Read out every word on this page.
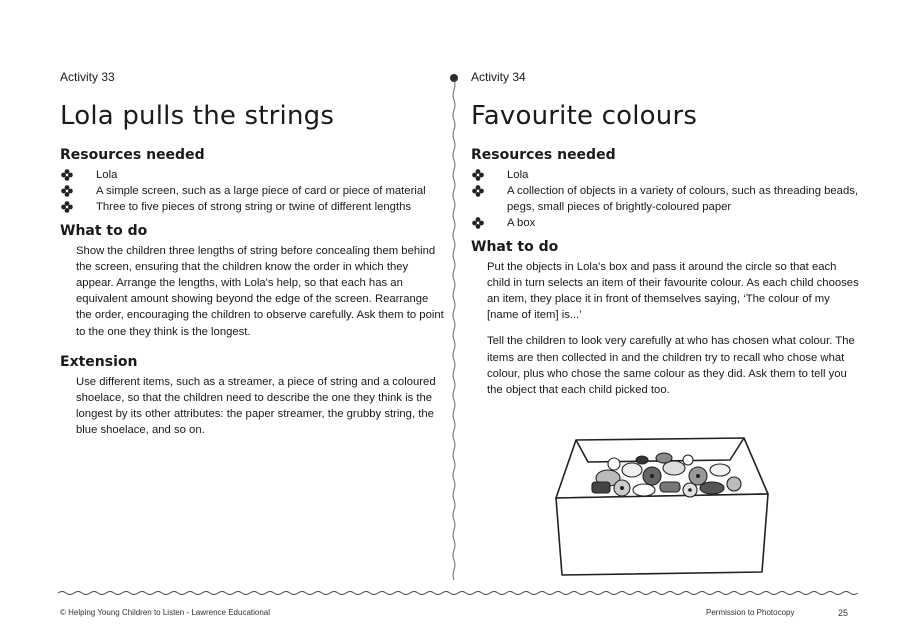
Activity 33

Lola pulls the strings
Resources needed
Lola
A simple screen, such as a large piece of card or piece of material
Three to five pieces of strong string or twine of different lengths
What to do

Show the children three lengths of string before concealing them behind the screen, ensuring that the children know the order in which they appear. Arrange the lengths, with Lola's help, so that each has an equivalent amount showing beyond the edge of the screen. Rearrange the order, encouraging the children to observe carefully. Ask them to point to the one they think is the longest.

Extension

Use different items, such as a streamer, a piece of string and a coloured shoelace, so that the children need to describe the one they think is the longest by its other attributes: the paper streamer, the grubby string, the blue shoelace, and so on.

Activity 34

Favourite colours
Resources needed
Lola
A collection of objects in a variety of colours, such as threading beads, pegs, small pieces of brightly-coloured paper
A box
What to do

Put the objects in Lola's box and pass it around the circle so that each child in turn selects an item of their favourite colour. As each child chooses an item, they place it in front of themselves saying, ‘The colour of my [name of item] is...’

Tell the children to look very carefully at who has chosen what colour. The items are then collected in and the children try to recall who chose what colour, plus who chose the same colour as they did. Ask them to tell you the object that each child picked too.

© Helping Young Children to Listen - Lawrence Educational	Permission to Photocopy	25
